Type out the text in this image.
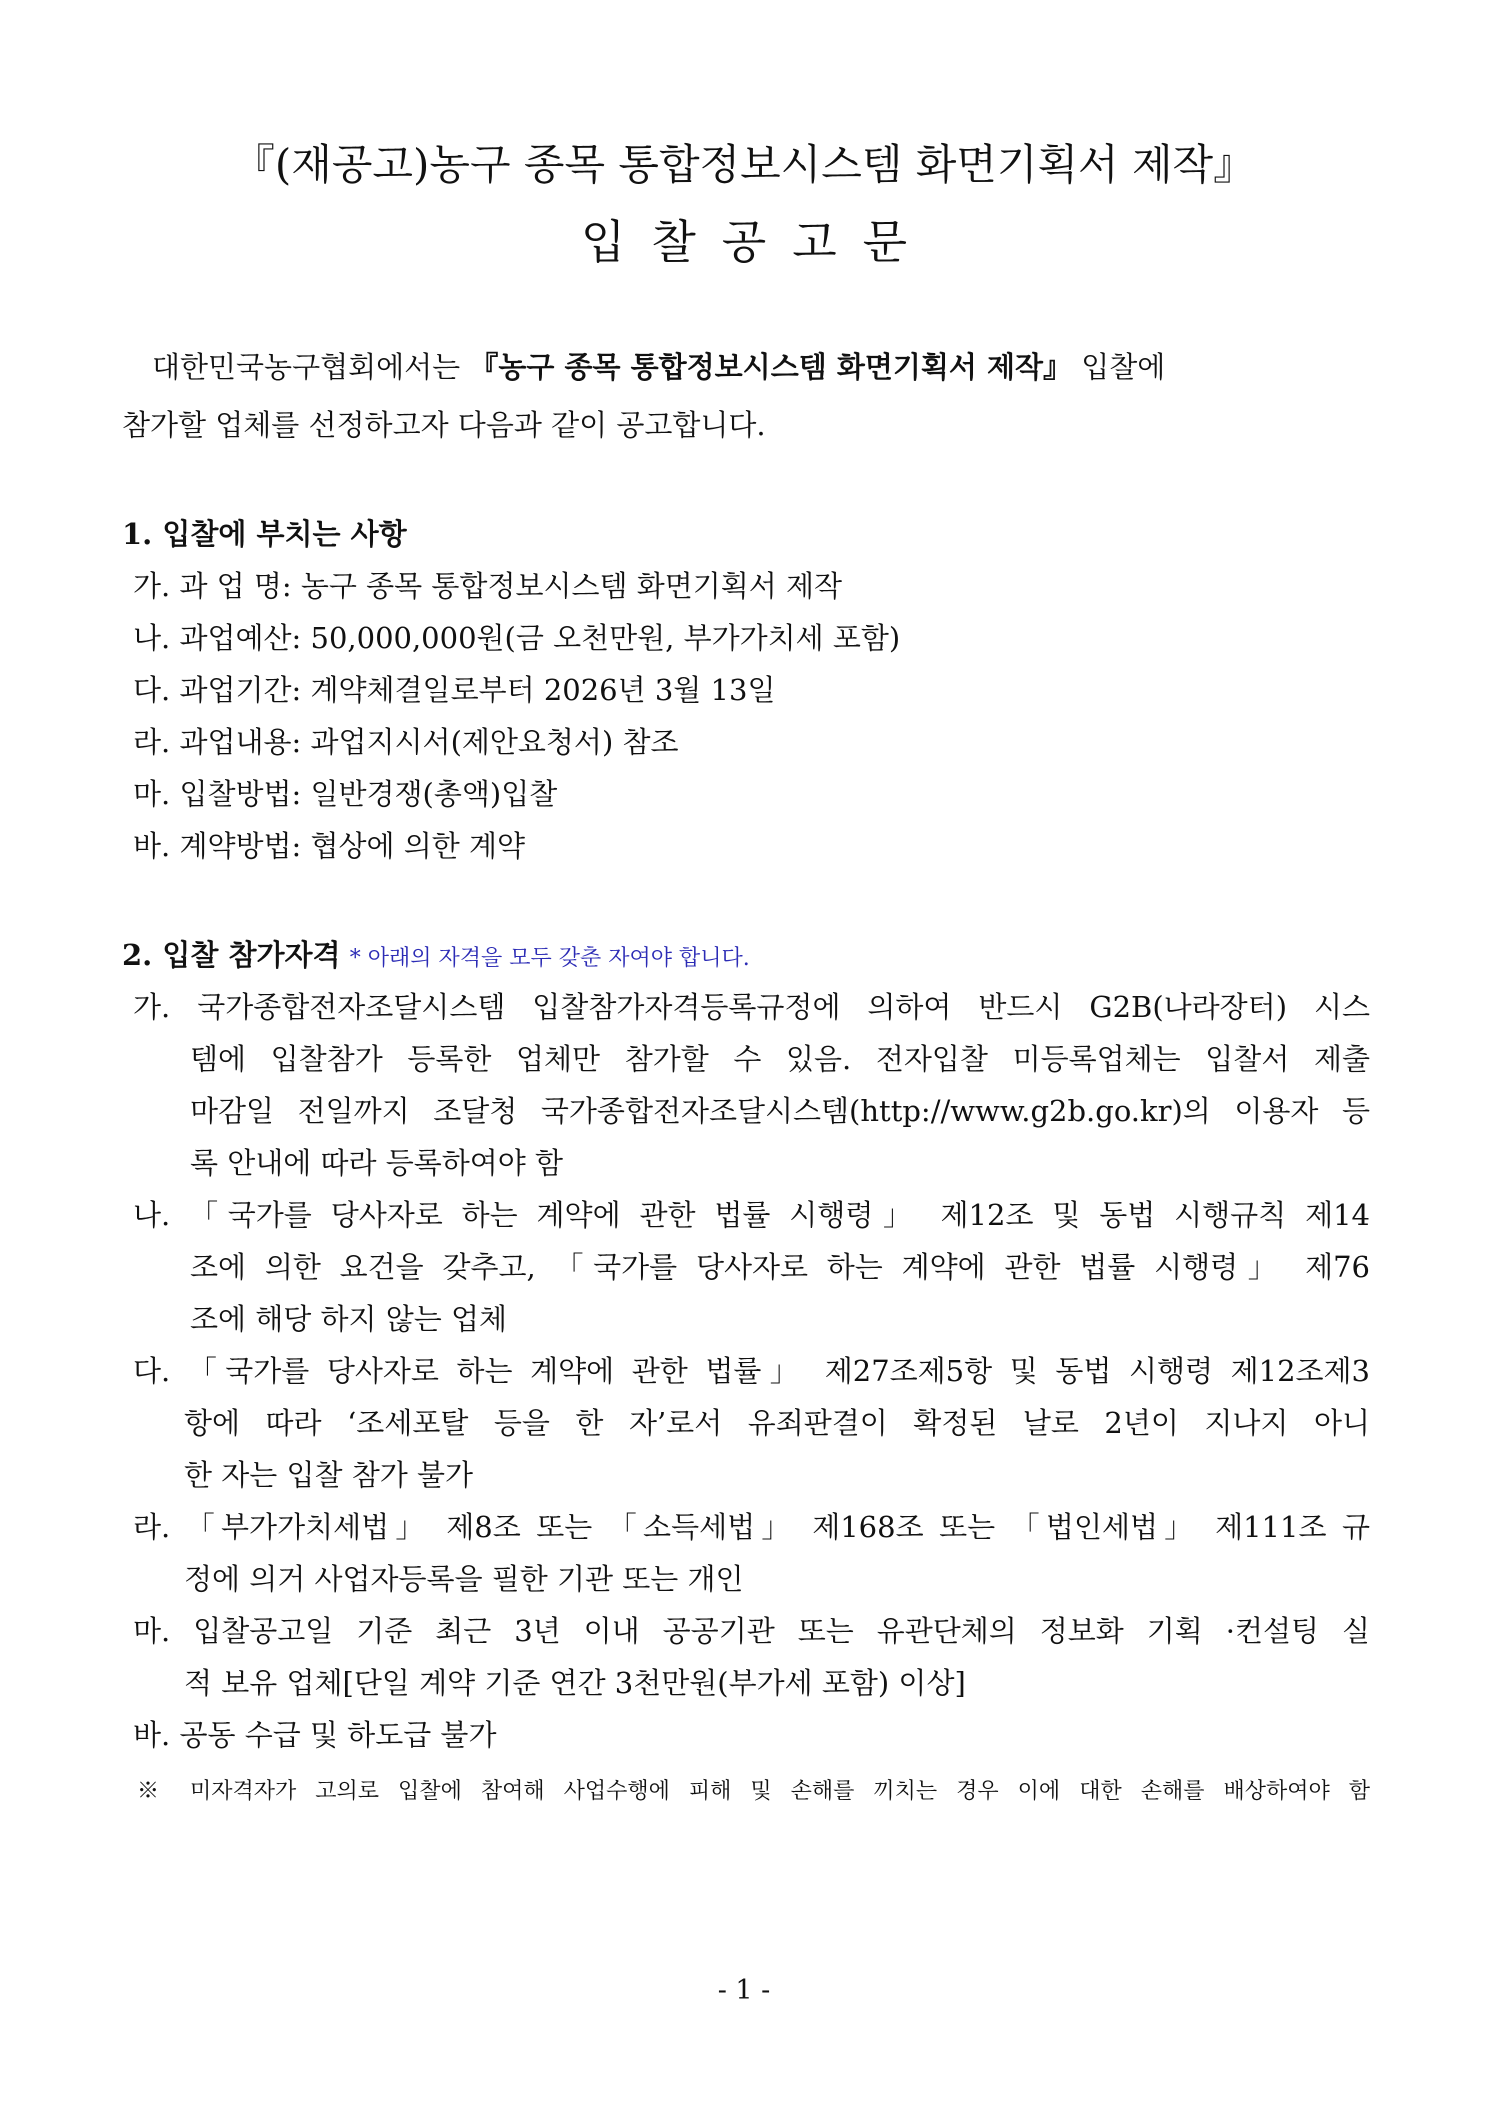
『(재공고)농구 종목 통합정보시스템 화면기획서 제작』
입찰공고문
대한민국농구협회에서는 『농구 종목 통합정보시스템 화면기획서 제작』 입찰에
참가할 업체를 선정하고자 다음과 같이 공고합니다.
1. 입찰에 부치는 사항
가. 과 업 명: 농구 종목 통합정보시스템 화면기획서 제작
나. 과업예산: 50,000,000원(금 오천만원, 부가가치세 포함)
다. 과업기간: 계약체결일로부터 2026년 3월 13일
라. 과업내용: 과업지시서(제안요청서) 참조
마. 입찰방법: 일반경쟁(총액)입찰
바. 계약방법: 협상에 의한 계약
2. 입찰 참가자격 * 아래의 자격을 모두 갖춘 자여야 합니다.
가. 국가종합전자조달시스템 입찰참가자격등록규정에 의하여 반드시 G2B(나라장터) 시스
템에 입찰참가 등록한 업체만 참가할 수 있음. 전자입찰 미등록업체는 입찰서 제출
마감일 전일까지 조달청 국가종합전자조달시스템(http://www.g2b.go.kr)의 이용자 등
록 안내에 따라 등록하여야 함
나. 「국가를 당사자로 하는 계약에 관한 법률 시행령」 제12조 및 동법 시행규칙 제14
조에 의한 요건을 갖추고, 「국가를 당사자로 하는 계약에 관한 법률 시행령」 제76
조에 해당 하지 않는 업체
다. 「국가를 당사자로 하는 계약에 관한 법률」 제27조제5항 및 동법 시행령 제12조제3
항에 따라 ‘조세포탈 등을 한 자’로서 유죄판결이 확정된 날로 2년이 지나지 아니
한 자는 입찰 참가 불가
라. 「부가가치세법」 제8조 또는 「소득세법」 제168조 또는 「법인세법」 제111조 규
정에 의거 사업자등록을 필한 기관 또는 개인
마. 입찰공고일 기준 최근 3년 이내 공공기관 또는 유관단체의 정보화 기획 ·컨설팅 실
적 보유 업체[단일 계약 기준 연간 3천만원(부가세 포함) 이상]
바. 공동 수급 및 하도급 불가
※ 미자격자가 고의로 입찰에 참여해 사업수행에 피해 및 손해를 끼치는 경우 이에 대한 손해를 배상하여야 함
- 1 -
